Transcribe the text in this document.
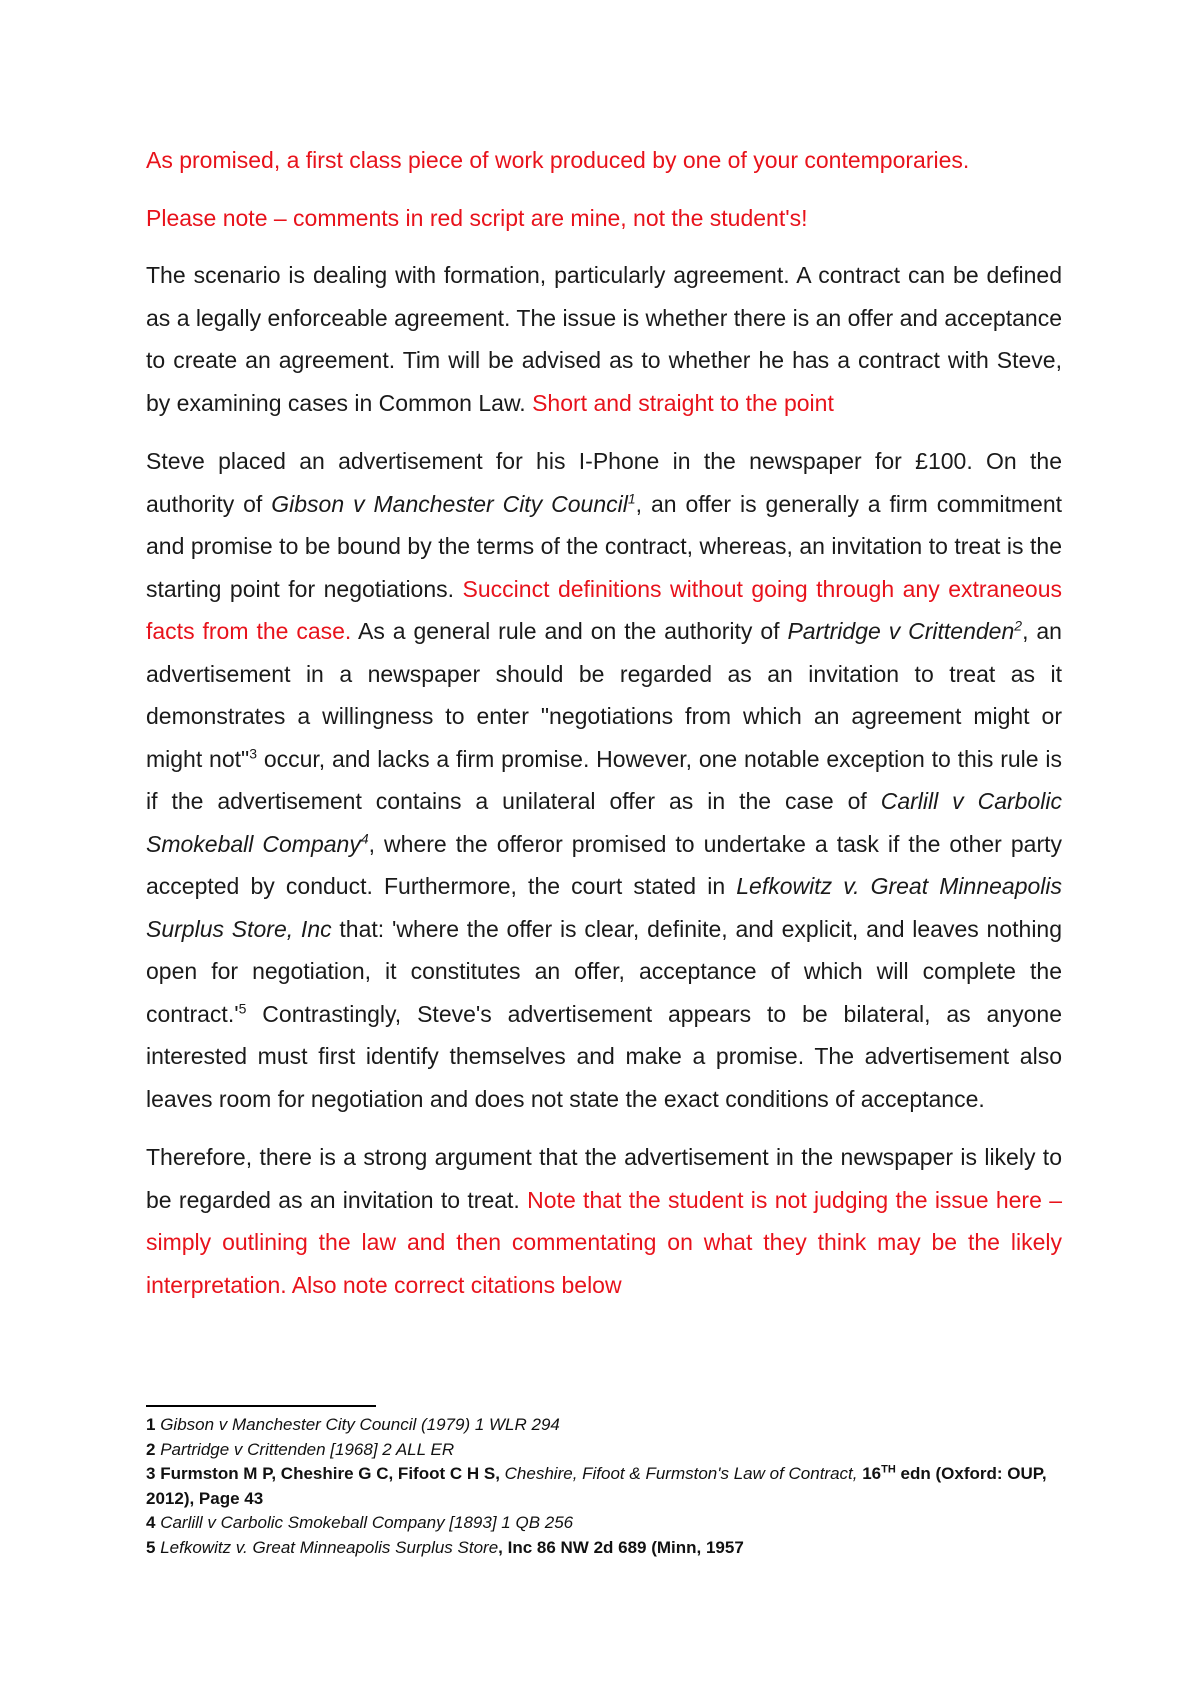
As promised, a first class piece of work produced by one of your contemporaries.

Please note – comments in red script are mine, not the student's!

The scenario is dealing with formation, particularly agreement. A contract can be defined as a legally enforceable agreement. The issue is whether there is an offer and acceptance to create an agreement. Tim will be advised as to whether he has a contract with Steve, by examining cases in Common Law. Short and straight to the point

Steve placed an advertisement for his I-Phone in the newspaper for £100. On the authority of Gibson v Manchester City Council$^1$, an offer is generally a firm commitment and promise to be bound by the terms of the contract, whereas, an invitation to treat is the starting point for negotiations. Succinct definitions without going through any extraneous facts from the case. As a general rule and on the authority of Partridge v Crittenden$^2$, an advertisement in a newspaper should be regarded as an invitation to treat as it demonstrates a willingness to enter "negotiations from which an agreement might or might not"$^3$ occur, and lacks a firm promise. However, one notable exception to this rule is if the advertisement contains a unilateral offer as in the case of Carlill v Carbolic Smokeball Company$^4$, where the offeror promised to undertake a task if the other party accepted by conduct. Furthermore, the court stated in Lefkowitz v. Great Minneapolis Surplus Store, Inc that: 'where the offer is clear, definite, and explicit, and leaves nothing open for negotiation, it constitutes an offer, acceptance of which will complete the $contract.'^5$ Contrastingly, Steve's advertisement appears to be bilateral, as anyone interested must first identify themselves and make a promise. The advertisement also leaves room for negotiation and does not state the exact conditions of acceptance.

Therefore, there is a strong argument that the advertisement in the newspaper is likely to be regarded as an invitation to treat. Note that the student is not judging the issue here – simply outlining the law and then commentating on what they think may be the likely interpretation. Also note correct citations below

1 Gibson v Manchester City Council (1979) 1 WLR 294

2 Partridge v Crittenden [1968] 2 ALL ER

3 Furmston M P, Cheshire G C, Fifoot C H S, Cheshire, Fifoot & Furmston's Law of Contract, 16TH edn (Oxford: OUP, 2012), Page 43

4 Carlill v Carbolic Smokeball Company [1893] 1 QB 256

5 Lefkowitz v. Great Minneapolis Surplus Store, Inc 86 NW 2d 689 (Minn, 1957
